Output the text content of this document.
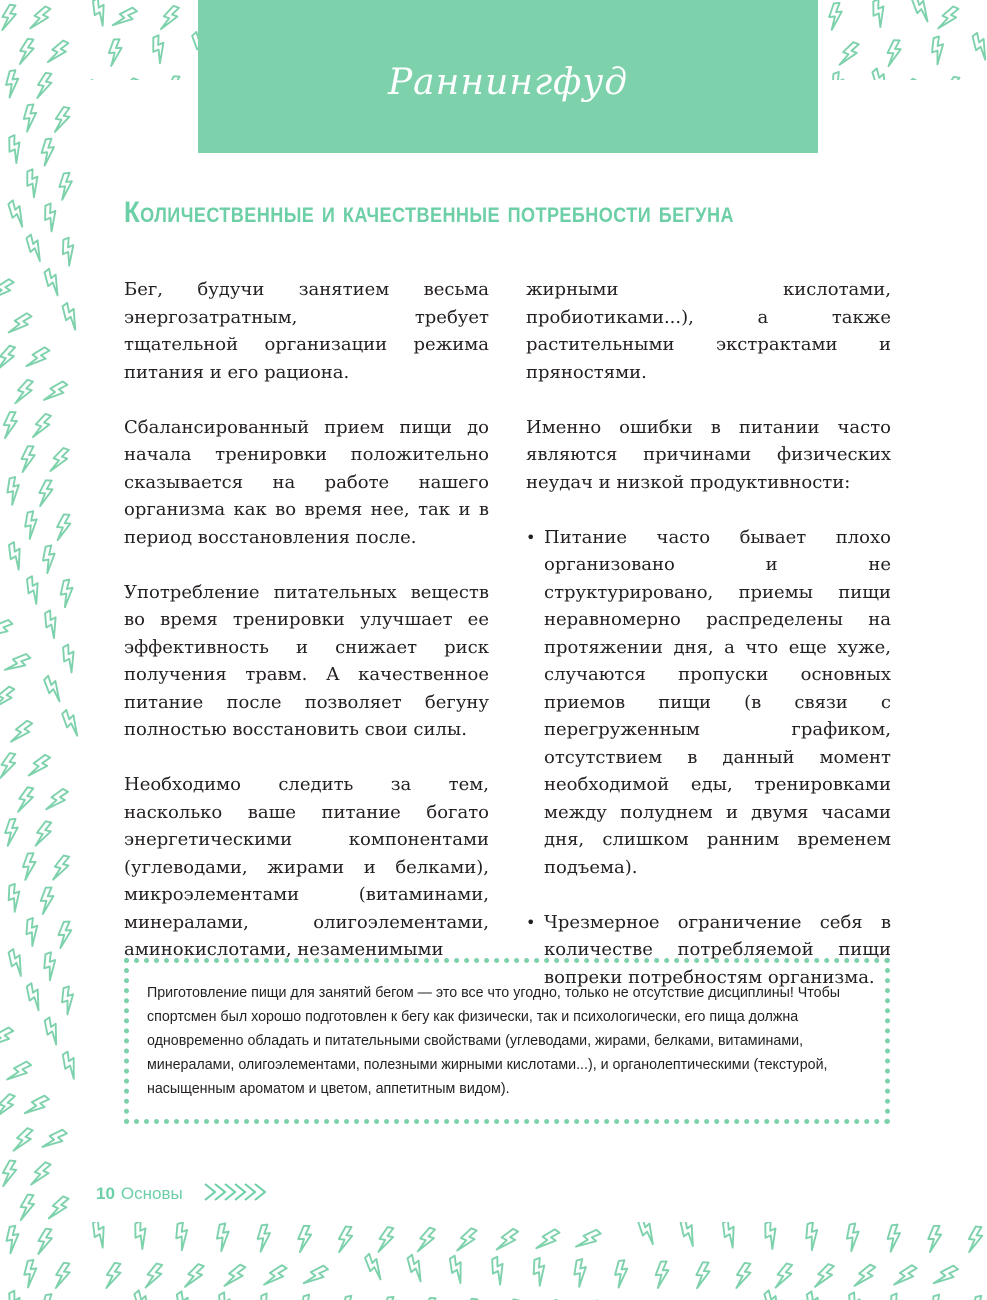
Раннингфуд
Количественные и качественные потребности бегуна

Бег, будучи занятием весьма энергозатратным, требует тщательной организации режима питания и его рациона.

Сбалансированный прием пищи до начала тренировки положительно сказывается на работе нашего организма как во время нее, так и в период восстановления после.

Употребление питательных веществ во время тренировки улучшает ее эффективность и снижает риск получения травм. А качественное питание после позволяет бегуну полностью восстановить свои силы.

Необходимо следить за тем, насколько ваше питание богато энергетическими компонентами (углеводами, жирами и белками), микроэлементами (витаминами, минералами, олигоэлементами, аминокислотами, незаменимыми

жирными кислотами, пробиотиками...), а также растительными экстрактами и пряностями.

Именно ошибки в питании часто являются причинами физических неудач и низкой продуктивности:

• Питание часто бывает плохо организовано и не структурировано, приемы пищи неравномерно распределены на протяжении дня, а что еще хуже, случаются пропуски основных приемов пищи (в связи с перегруженным графиком, отсутствием в данный момент необходимой еды, тренировками между полуднем и двумя часами дня, слишком ранним временем подъема).
• Чрезмерное ограничение себя в количестве потребляемой пищи вопреки потребностям организма.

Приготовление пищи для занятий бегом — это все что угодно, только не отсутствие дисциплины! Чтобы спортсмен был хорошо подготовлен к бегу как физически, так и психологически, его пища должна одновременно обладать и питательными свойствами (углеводами, жирами, белками, витаминами, минералами, олигоэлементами, полезными жирными кислотами...), и органолептическими (текстурой, насыщенным ароматом и цветом, аппетитным видом).

10 Основы
